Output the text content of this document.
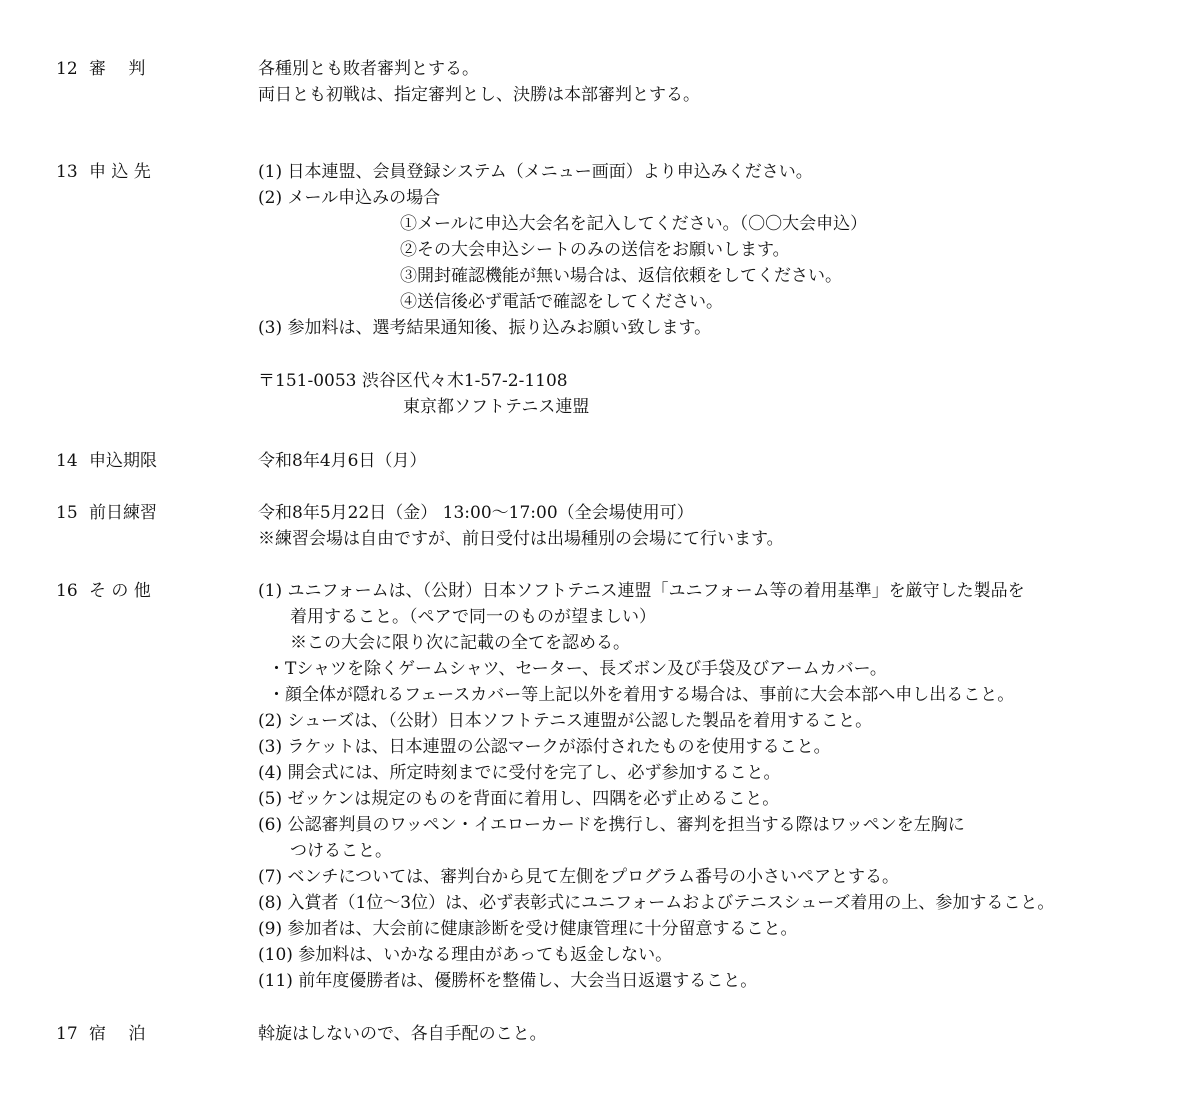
12 審　 判	各種別とも敗者審判とする。
両日とも初戦は、指定審判とし、決勝は本部審判とする。
13 申 込 先	(1) 日本連盟、会員登録システム（メニュー画面）より申込みください。
(2) メール申込みの場合
①メールに申込大会名を記入してください。（〇〇大会申込）
②その大会申込シートのみの送信をお願いします。
③開封確認機能が無い場合は、返信依頼をしてください。
④送信後必ず電話で確認をしてください。
(3) 参加料は、選考結果通知後、振り込みお願い致します。
〒151-0053 渋谷区代々木1-57-2-1108
東京都ソフトテニス連盟
14 申込期限	令和8年4月6日（月）
15 前日練習	令和8年5月22日（金） 13:00～17:00（全会場使用可）
※練習会場は自由ですが、前日受付は出場種別の会場にて行います。
16 そ の 他	(1) ユニフォームは、（公財）日本ソフトテニス連盟「ユニフォーム等の着用基準」を厳守した製品を
着用すること。（ペアで同一のものが望ましい）
※この大会に限り次に記載の全てを認める。
・Tシャツを除くゲームシャツ、セーター、長ズボン及び手袋及びアームカバー。
・顔全体が隠れるフェースカバー等上記以外を着用する場合は、事前に大会本部へ申し出ること。
(2) シューズは、（公財）日本ソフトテニス連盟が公認した製品を着用すること。
(3) ラケットは、日本連盟の公認マークが添付されたものを使用すること。
(4) 開会式には、所定時刻までに受付を完了し、必ず参加すること。
(5) ゼッケンは規定のものを背面に着用し、四隅を必ず止めること。
(6) 公認審判員のワッペン・イエローカードを携行し、審判を担当する際はワッペンを左胸に
つけること。
(7) ベンチについては、審判台から見て左側をプログラム番号の小さいペアとする。
(8) 入賞者（1位～3位）は、必ず表彰式にユニフォームおよびテニスシューズ着用の上、参加すること。
(9) 参加者は、大会前に健康診断を受け健康管理に十分留意すること。
(10) 参加料は、いかなる理由があっても返金しない。
(11) 前年度優勝者は、優勝杯を整備し、大会当日返還すること。
17 宿　 泊	斡旋はしないので、各自手配のこと。
